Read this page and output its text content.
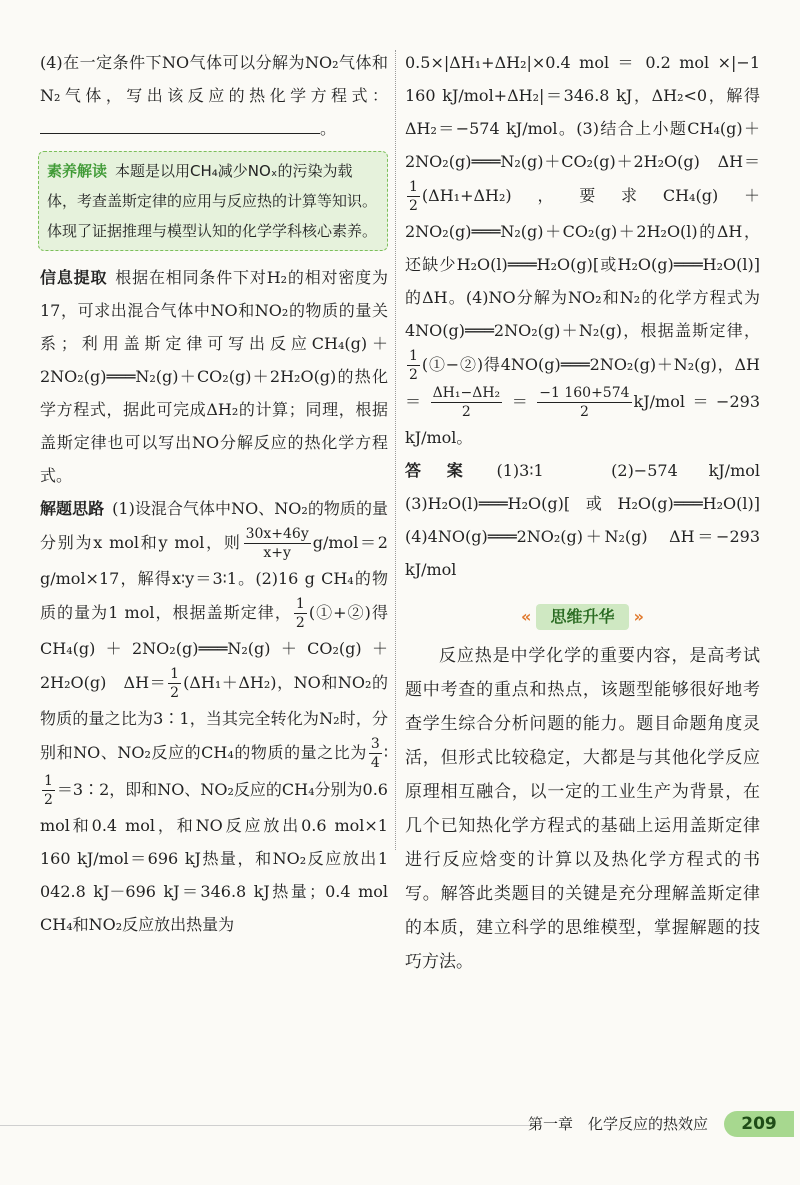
(4)在一定条件下NO气体可以分解为NO₂气体和N₂气体，写出该反应的热化学方程式：。

素养解读 本题是以用CH₄减少NOₓ的污染为载体，考查盖斯定律的应用与反应热的计算等知识。体现了证据推理与模型认知的化学学科核心素养。

信息提取 根据在相同条件下对H₂的相对密度为17，可求出混合气体中NO和NO₂的物质的量关系；利用盖斯定律可写出反应CH₄(g)＋2NO₂(g)═══N₂(g)＋CO₂(g)＋2H₂O(g)的热化学方程式，据此可完成ΔH₂的计算；同理，根据盖斯定律也可以写出NO分解反应的热化学方程式。

解题思路 (1)设混合气体中NO、NO₂的物质的量分别为x mol和y mol，则 $\frac{30x+46y}{x+y} g/mol=2$ g/mol×17，解得x∶y＝3∶1。(2)16 g CH₄的物质的量为1 mol，根据盖斯定律， $\frac{1}{2}$ (①+②)得CH₄(g)＋2NO₂(g)═══N₂(g)＋CO₂(g)＋2H₂O(g)　$\Delta H= \frac{1}{2} (\Delta H_1+\Delta H_2)$，NO和NO₂的物质的量之比为3∶1，当其完全转化为N₂时，分别和NO、NO₂反应的CH₄的物质的量之比为 $\frac{3}{4}$ ∶
$\frac{1}{2}$ ＝3∶2，即和NO、NO₂反应的CH₄分别为0.6 mol和0.4 mol，和NO反应放出0.6 mol×1 160 kJ/mol＝696 kJ热量，和NO₂反应放出1 042.8 kJ－696 kJ＝346.8 kJ热量；0.4 mol CH₄和NO₂反应放出热量为

0.5×|ΔH₁+ΔH₂|×0.4 mol ＝ 0.2 mol ×|−1 160 kJ/mol+ΔH₂|＝346.8 kJ，ΔH₂<0，解得ΔH₂＝−574 kJ/mol。(3)结合上小题CH₄(g)＋2NO₂(g)═══N₂(g)＋CO₂(g)＋2H₂O(g)　ΔH＝
$\frac{1}{2} (\Delta H_1+\Delta H_2)$，要求CH₄(g)＋2NO₂(g)═══N₂(g)＋CO₂(g)＋2H₂O(l)的ΔH，还缺少H₂O(l)═══H₂O(g)[或H₂O(g)═══H₂O(l)]的ΔH。(4)NO分解为NO₂和N₂的化学方程式为4NO(g)═══2NO₂(g)＋N₂(g)，根据盖斯定律，
$\frac{1}{2}$ (①−②)得4NO(g)═══2NO₂(g)＋N₂(g)，$\Delta H= \frac{\text{ΔH₁−ΔH₂}}{2} = \frac{-1 160+574}{2} kJ/mol=-293$ kJ/mol。

答案 (1)3∶1　(2)−574 kJ/mol　(3)H₂O(l)═══H₂O(g)[或H₂O(g)═══H₂O(l)]　(4)4NO(g)═══2NO₂(g)＋N₂(g)　ΔH＝−293 kJ/mol

« 思维升华 »

反应热是中学化学的重要内容，是高考试题中考查的重点和热点，该题型能够很好地考查学生综合分析问题的能力。题目命题角度灵活，但形式比较稳定，大都是与其他化学反应原理相互融合，以一定的工业生产为背景，在几个已知热化学方程式的基础上运用盖斯定律进行反应焓变的计算以及热化学方程式的书写。解答此类题目的关键是充分理解盖斯定律的本质，建立科学的思维模型，掌握解题的技巧方法。

第一章　化学反应的热效应	209
